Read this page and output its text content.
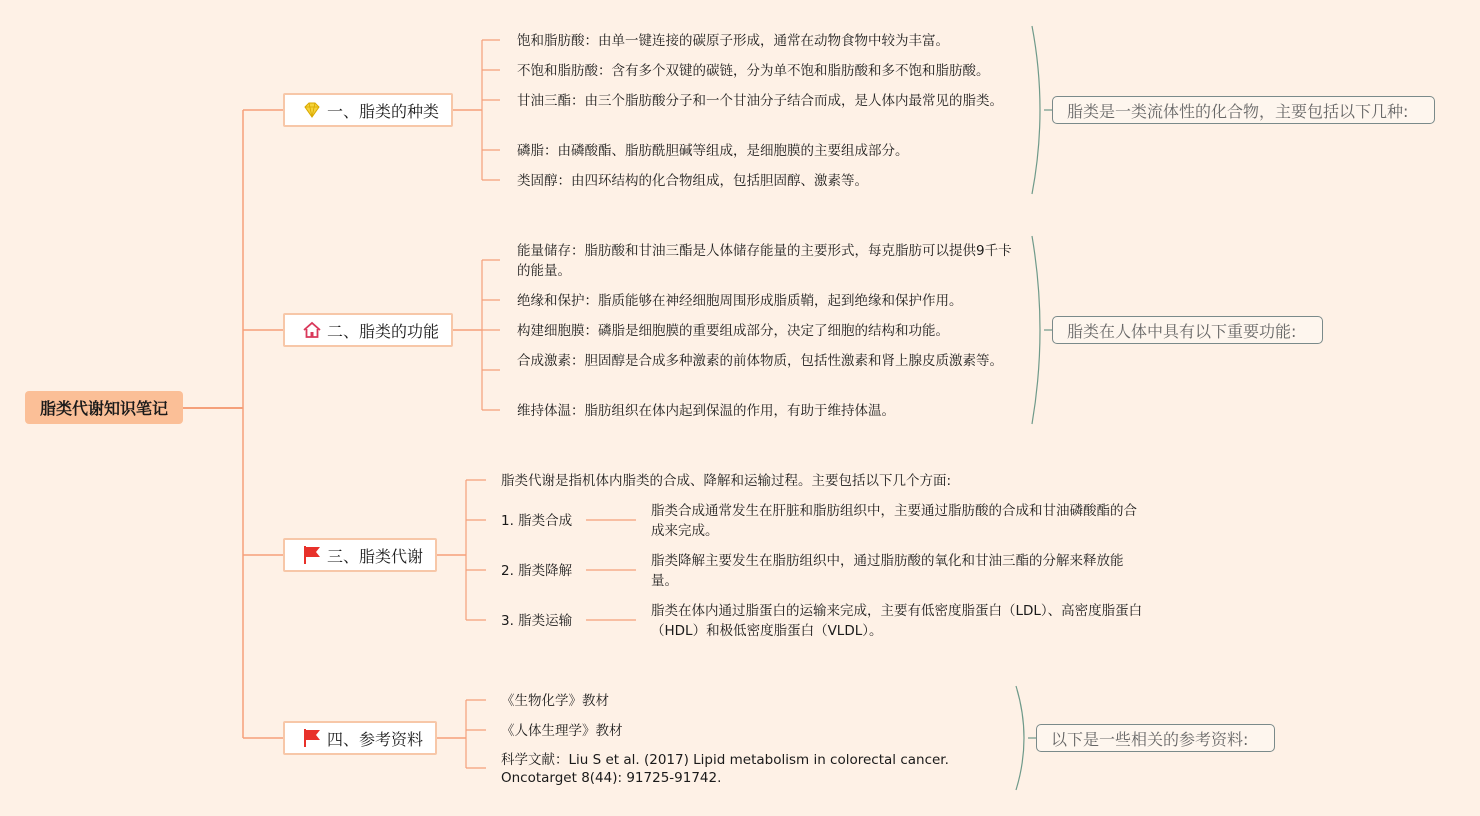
脂类代谢知识笔记
一、脂类的种类
饱和脂肪酸：由单一键连接的碳原子形成，通常在动物食物中较为丰富。
不饱和脂肪酸：含有多个双键的碳链，分为单不饱和脂肪酸和多不饱和脂肪酸。
甘油三酯：由三个脂肪酸分子和一个甘油分子结合而成，是人体内最常见的脂类。
磷脂：由磷酸酯、脂肪酰胆碱等组成，是细胞膜的主要组成部分。
类固醇：由四环结构的化合物组成，包括胆固醇、激素等。
脂类是一类流体性的化合物，主要包括以下几种:
二、脂类的功能
能量储存：脂肪酸和甘油三酯是人体储存能量的主要形式，每克脂肪可以提供9千卡的能量。
绝缘和保护：脂质能够在神经细胞周围形成脂质鞘，起到绝缘和保护作用。
构建细胞膜：磷脂是细胞膜的重要组成部分，决定了细胞的结构和功能。
合成激素：胆固醇是合成多种激素的前体物质，包括性激素和肾上腺皮质激素等。
维持体温：脂肪组织在体内起到保温的作用，有助于维持体温。
脂类在人体中具有以下重要功能:
三、脂类代谢
脂类代谢是指机体内脂类的合成、降解和运输过程。主要包括以下几个方面:
1. 脂类合成
脂类合成通常发生在肝脏和脂肪组织中，主要通过脂肪酸的合成和甘油磷酸酯的合成来完成。
2. 脂类降解
脂类降解主要发生在脂肪组织中，通过脂肪酸的氧化和甘油三酯的分解来释放能量。
3. 脂类运输
脂类在体内通过脂蛋白的运输来完成，主要有低密度脂蛋白（LDL）、高密度脂蛋白（HDL）和极低密度脂蛋白（VLDL）。
四、参考资料
《生物化学》教材
《人体生理学》教材
科学文献：Liu S et al. (2017) Lipid metabolism in colorectal cancer. Oncotarget 8(44): 91725-91742.
以下是一些相关的参考资料:
